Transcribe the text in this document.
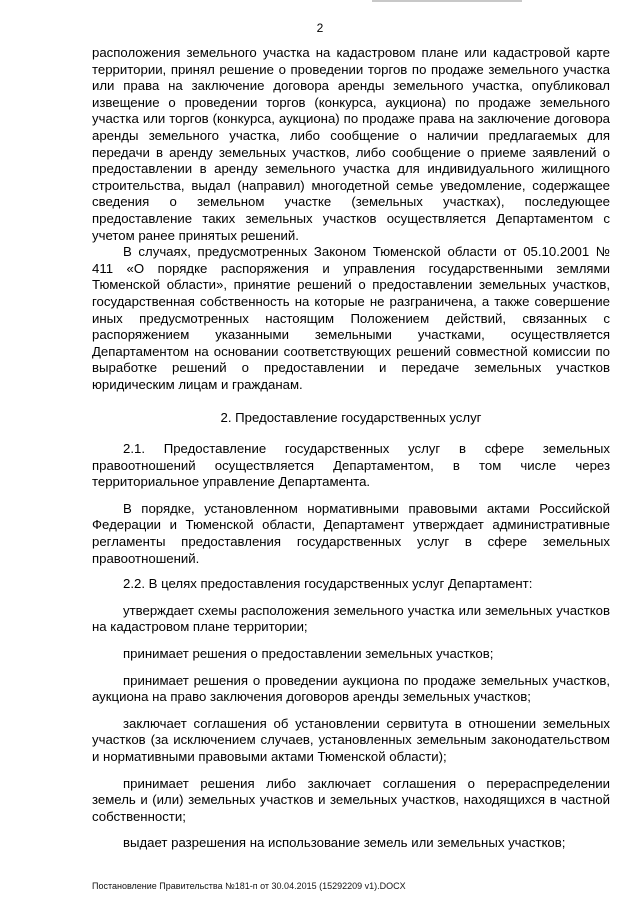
2

расположения земельного участка на кадастровом плане или кадастровой карте территории, принял решение о проведении торгов по продаже земельного участка или права на заключение договора аренды земельного участка, опубликовал извещение о проведении торгов (конкурса, аукциона) по продаже земельного участка или торгов (конкурса, аукциона) по продаже права на заключение договора аренды земельного участка, либо сообщение о наличии предлагаемых для передачи в аренду земельных участков, либо сообщение о приеме заявлений о предоставлении в аренду земельного участка для индивидуального жилищного строительства, выдал (направил) многодетной семье уведомление, содержащее сведения о земельном участке (земельных участках), последующее предоставление таких земельных участков осуществляется Департаментом с учетом ранее принятых решений.

В случаях, предусмотренных Законом Тюменской области от 05.10.2001 № 411 «О порядке распоряжения и управления государственными землями Тюменской области», принятие решений о предоставлении земельных участков, государственная собственность на которые не разграничена, а также совершение иных предусмотренных настоящим Положением действий, связанных с распоряжением указанными земельными участками, осуществляется Департаментом на основании соответствующих решений совместной комиссии по выработке решений о предоставлении и передаче земельных участков юридическим лицам и гражданам.

2. Предоставление государственных услуг

2.1. Предоставление государственных услуг в сфере земельных правоотношений осуществляется Департаментом, в том числе через территориальное управление Департамента.

В порядке, установленном нормативными правовыми актами Российской Федерации и Тюменской области, Департамент утверждает административные регламенты предоставления государственных услуг в сфере земельных правоотношений.

2.2. В целях предоставления государственных услуг Департамент:

утверждает схемы расположения земельного участка или земельных участков на кадастровом плане территории;

принимает решения о предоставлении земельных участков;

принимает решения о проведении аукциона по продаже земельных участков, аукциона на право заключения договоров аренды земельных участков;

заключает соглашения об установлении сервитута в отношении земельных участков (за исключением случаев, установленных земельным законодательством и нормативными правовыми актами Тюменской области);

принимает решения либо заключает соглашения о перераспределении земель и (или) земельных участков и земельных участков, находящихся в частной собственности;

выдает разрешения на использование земель или земельных участков;

Постановление Правительства №181-п от 30.04.2015 (15292209 v1).DOCX
